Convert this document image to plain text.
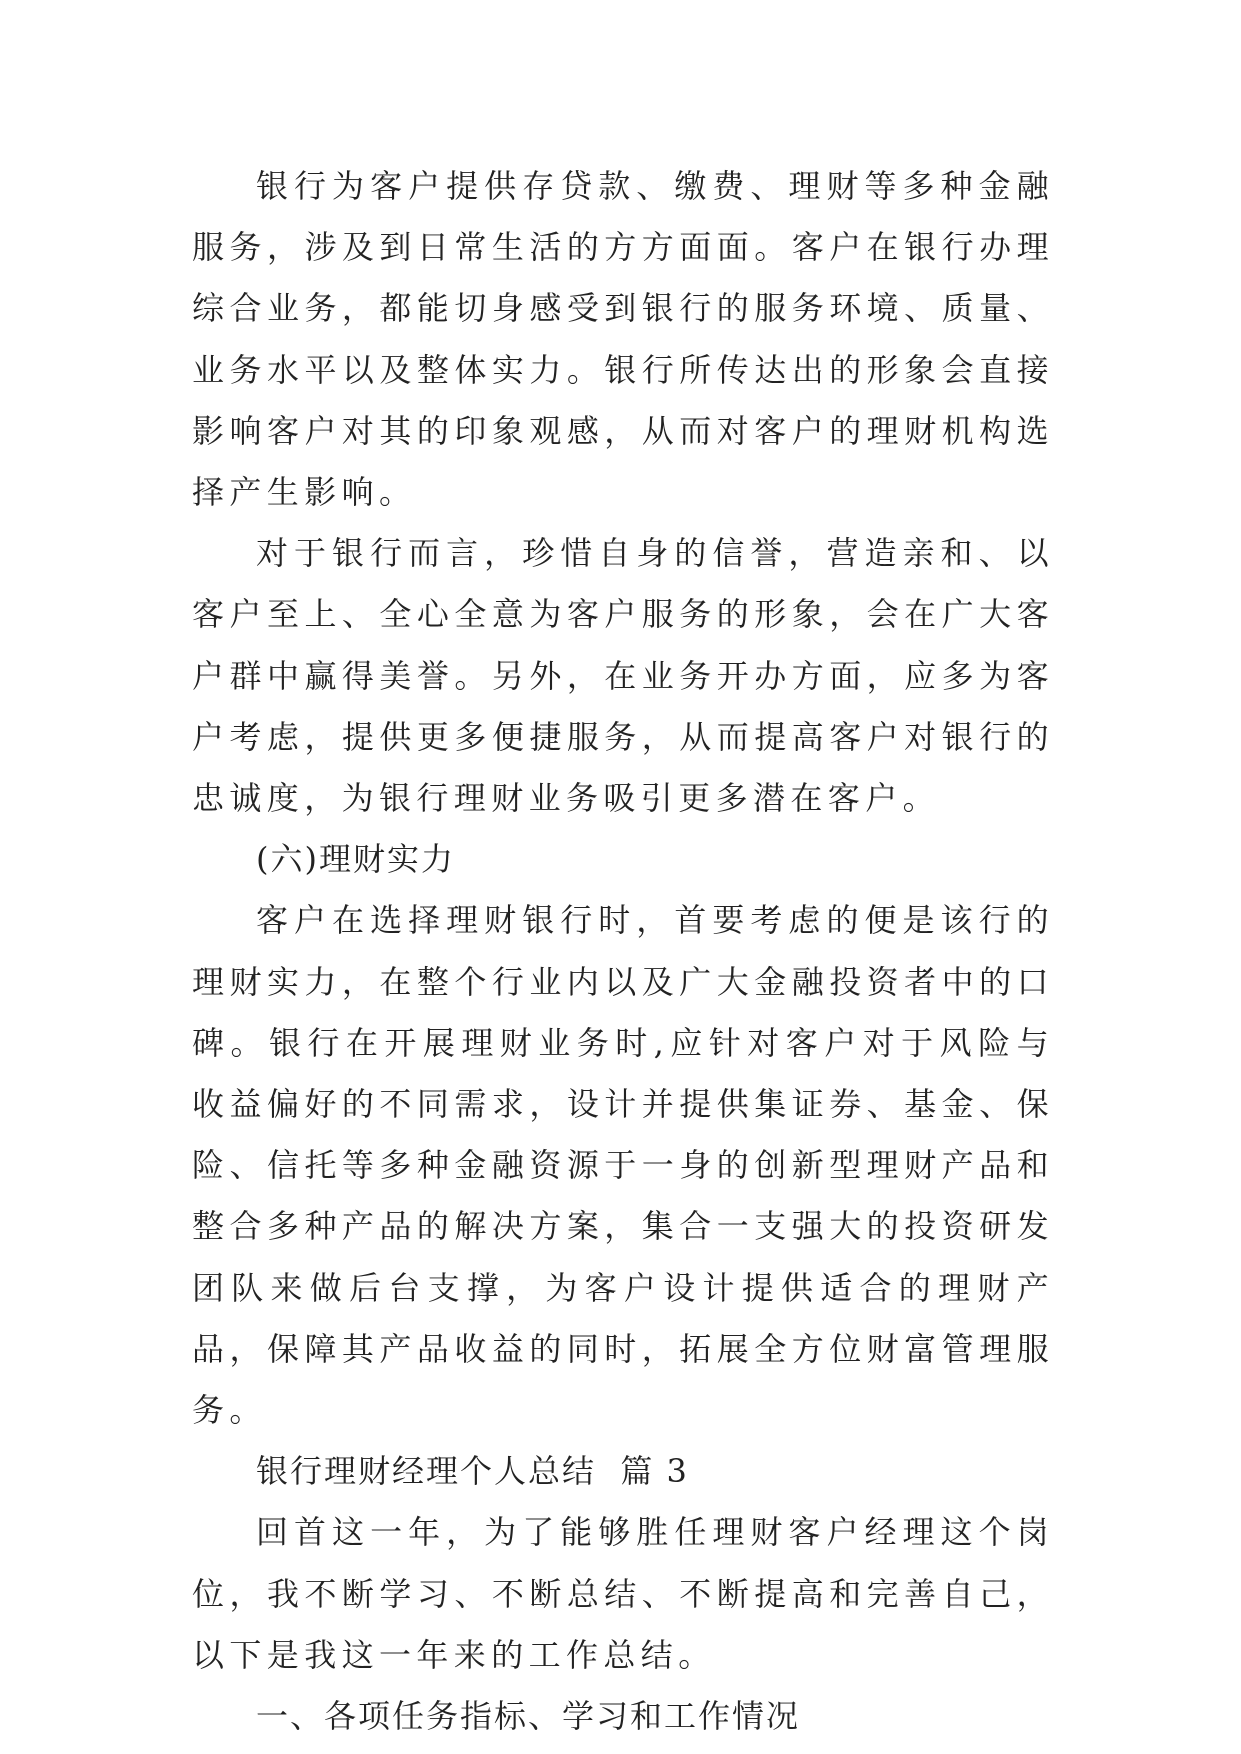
银行为客户提供存贷款、缴费、理财等多种金融服务，涉及到日常生活的方方面面。客户在银行办理综合业务，都能切身感受到银行的服务环境、质量、业务水平以及整体实力。银行所传达出的形象会直接影响客户对其的印象观感，从而对客户的理财机构选择产生影响。

对于银行而言，珍惜自身的信誉，营造亲和、以客户至上、全心全意为客户服务的形象，会在广大客户群中赢得美誉。另外，在业务开办方面，应多为客户考虑，提供更多便捷服务，从而提高客户对银行的忠诚度，为银行理财业务吸引更多潜在客户。

(六)理财实力

客户在选择理财银行时，首要考虑的便是该行的理财实力，在整个行业内以及广大金融投资者中的口碑。银行在开展理财业务时,应针对客户对于风险与收益偏好的不同需求，设计并提供集证券、基金、保险、信托等多种金融资源于一身的创新型理财产品和整合多种产品的解决方案，集合一支强大的投资研发团队来做后台支撑，为客户设计提供适合的理财产品，保障其产品收益的同时，拓展全方位财富管理服务。

银行理财经理个人总结  篇 3

回首这一年，为了能够胜任理财客户经理这个岗位，我不断学习、不断总结、不断提高和完善自己，以下是我这一年来的工作总结。

一、各项任务指标、学习和工作情况
